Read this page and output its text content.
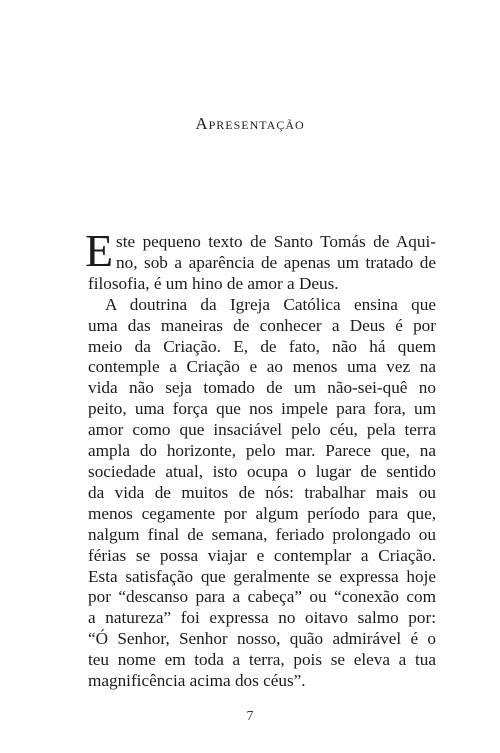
Apresentação
E ste pequeno texto de Santo Tomás de Aqui-
no, sob a aparência de apenas um tratado de
filosofia, é um hino de amor a Deus.
A doutrina da Igreja Católica ensina que
uma das maneiras de conhecer a Deus é por
meio da Criação. E, de fato, não há quem
contemple a Criação e ao menos uma vez na
vida não seja tomado de um não-sei-quê no
peito, uma força que nos impele para fora, um
amor como que insaciável pelo céu, pela terra
ampla do horizonte, pelo mar. Parece que, na
sociedade atual, isto ocupa o lugar de sentido
da vida de muitos de nós: trabalhar mais ou
menos cegamente por algum período para que,
nalgum final de semana, feriado prolongado ou
férias se possa viajar e contemplar a Criação.
Esta satisfação que geralmente se expressa hoje
por “descanso para a cabeça” ou “conexão com
a natureza” foi expressa no oitavo salmo por:
“Ó Senhor, Senhor nosso, quão admirável é o
teu nome em toda a terra, pois se eleva a tua
magnificência acima dos céus”.
7
